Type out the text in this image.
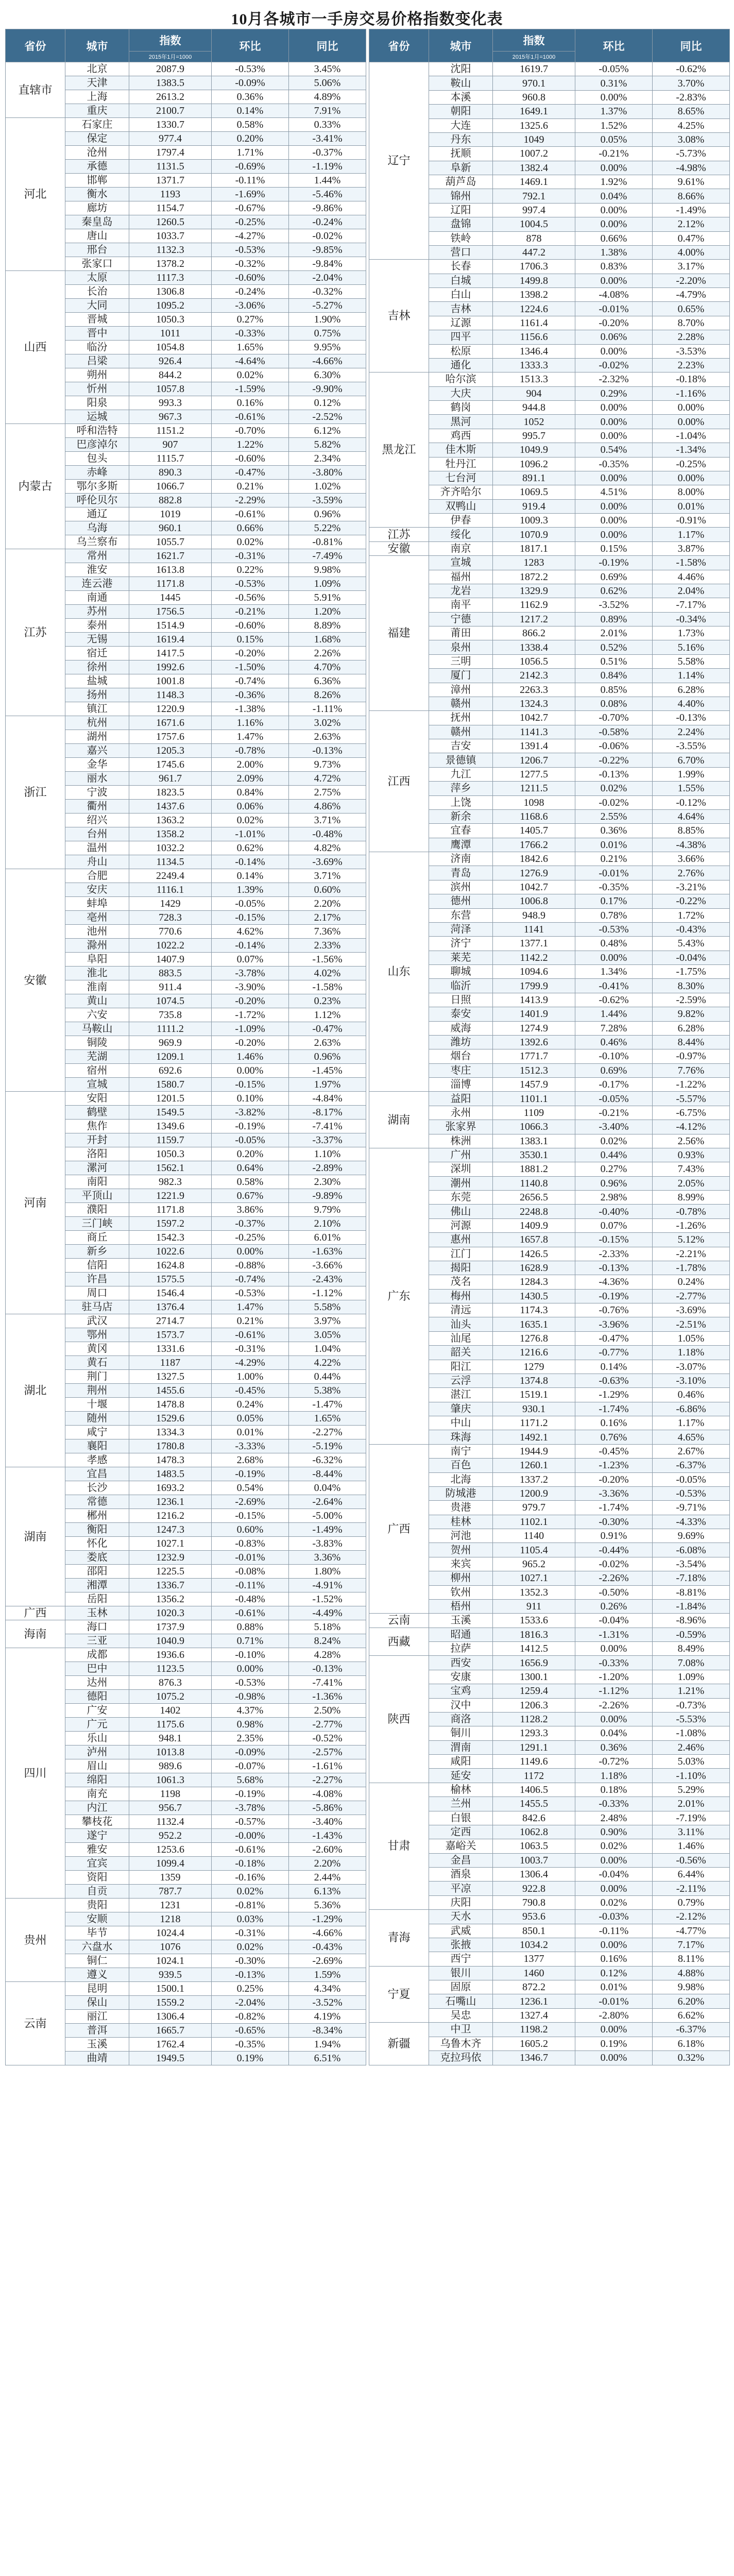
10月各城市一手房交易价格指数变化表
省份	城市	指数	环比	同比
		2015年1月=1000		
直辖市	北京	2087.9	-0.53%	3.45%
	天津	1383.5	-0.09%	5.06%
	上海	2613.2	0.36%	4.89%
	重庆	2100.7	0.14%	7.91%
河北	石家庄	1330.7	0.58%	0.33%
	保定	977.4	0.20%	-3.41%
	沧州	1797.4	1.71%	-0.37%
	承德	1131.5	-0.69%	-1.19%
	邯郸	1371.7	-0.11%	1.44%
	衡水	1193	-1.69%	-5.46%
	廊坊	1154.7	-0.67%	-9.86%
	秦皇岛	1260.5	-0.25%	-0.24%
	唐山	1033.7	-4.27%	-0.02%
	邢台	1132.3	-0.53%	-9.85%
	张家口	1378.2	-0.32%	-9.84%
山西	太原	1117.3	-0.60%	-2.04%
	长治	1306.8	-0.24%	-0.32%
	大同	1095.2	-3.06%	-5.27%
	晋城	1050.3	0.27%	1.90%
	晋中	1011	-0.33%	0.75%
	临汾	1054.8	1.65%	9.95%
	吕梁	926.4	-4.64%	-4.66%
	朔州	844.2	0.02%	6.30%
	忻州	1057.8	-1.59%	-9.90%
	阳泉	993.3	0.16%	0.12%
	运城	967.3	-0.61%	-2.52%
内蒙古	呼和浩特	1151.2	-0.70%	6.12%
	巴彦淖尔	907	1.22%	5.82%
	包头	1115.7	-0.60%	2.34%
	赤峰	890.3	-0.47%	-3.80%
	鄂尔多斯	1066.7	0.21%	1.02%
	呼伦贝尔	882.8	-2.29%	-3.59%
	通辽	1019	-0.61%	0.96%
	乌海	960.1	0.66%	5.22%
	乌兰察布	1055.7	0.02%	-0.81%
江苏	常州	1621.7	-0.31%	-7.49%
	淮安	1613.8	0.22%	9.98%
	连云港	1171.8	-0.53%	1.09%
	南通	1445	-0.56%	5.91%
	苏州	1756.5	-0.21%	1.20%
	泰州	1514.9	-0.60%	8.89%
	无锡	1619.4	0.15%	1.68%
	宿迁	1417.5	-0.20%	2.26%
	徐州	1992.6	-1.50%	4.70%
	盐城	1001.8	-0.74%	6.36%
	扬州	1148.3	-0.36%	8.26%
	镇江	1220.9	-1.38%	-1.11%
浙江	杭州	1671.6	1.16%	3.02%
	湖州	1757.6	1.47%	2.63%
	嘉兴	1205.3	-0.78%	-0.13%
	金华	1745.6	2.00%	9.73%
	丽水	961.7	2.09%	4.72%
	宁波	1823.5	0.84%	2.75%
	衢州	1437.6	0.06%	4.86%
	绍兴	1363.2	0.02%	3.71%
	台州	1358.2	-1.01%	-0.48%
	温州	1032.2	0.62%	4.82%
	舟山	1134.5	-0.14%	-3.69%
安徽	合肥	2249.4	0.14%	3.71%
	安庆	1116.1	1.39%	0.60%
	蚌埠	1429	-0.05%	2.20%
	亳州	728.3	-0.15%	2.17%
	池州	770.6	4.62%	7.36%
	滁州	1022.2	-0.14%	2.33%
	阜阳	1407.9	0.07%	-1.56%
	淮北	883.5	-3.78%	4.02%
	淮南	911.4	-3.90%	-1.58%
	黄山	1074.5	-0.20%	0.23%
	六安	735.8	-1.72%	1.12%
	马鞍山	1111.2	-1.09%	-0.47%
	铜陵	969.9	-0.20%	2.63%
	芜湖	1209.1	1.46%	0.96%
	宿州	692.6	0.00%	-1.45%
	宣城	1580.7	-0.15%	1.97%
河南	安阳	1201.5	0.10%	-4.84%
	鹤壁	1549.5	-3.82%	-8.17%
	焦作	1349.6	-0.19%	-7.41%
	开封	1159.7	-0.05%	-3.37%
	洛阳	1050.3	0.20%	1.10%
	漯河	1562.1	0.64%	-2.89%
	南阳	982.3	0.58%	2.30%
	平顶山	1221.9	0.67%	-9.89%
	濮阳	1171.8	3.86%	9.79%
	三门峡	1597.2	-0.37%	2.10%
	商丘	1542.3	-0.25%	6.01%
	新乡	1022.6	0.00%	-1.63%
	信阳	1624.8	-0.88%	-3.66%
	许昌	1575.5	-0.74%	-2.43%
	周口	1546.4	-0.53%	-1.12%
	驻马店	1376.4	1.47%	5.58%
湖北	武汉	2714.7	0.21%	3.97%
	鄂州	1573.7	-0.61%	3.05%
	黄冈	1331.6	-0.31%	1.04%
	黄石	1187	-4.29%	4.22%
	荆门	1327.5	1.00%	0.44%
	荆州	1455.6	-0.45%	5.38%
	十堰	1478.8	0.24%	-1.47%
	随州	1529.6	0.05%	1.65%
	咸宁	1334.3	0.01%	-2.27%
	襄阳	1780.8	-3.33%	-5.19%
	孝感	1478.3	2.68%	-6.32%
湖南	宜昌	1483.5	-0.19%	-8.44%
	长沙	1693.2	0.54%	0.04%
	常德	1236.1	-2.69%	-2.64%
	郴州	1216.2	-0.15%	-5.00%
	衡阳	1247.3	0.60%	-1.49%
	怀化	1027.1	-0.83%	-3.83%
	娄底	1232.9	-0.01%	3.36%
	邵阳	1225.5	-0.08%	1.80%
	湘潭	1336.7	-0.11%	-4.91%
	岳阳	1356.2	-0.48%	-1.52%
广西	玉林	1020.3	-0.61%	-4.49%
海南	海口	1737.9	0.88%	5.18%
	三亚	1040.9	0.71%	8.24%
四川	成都	1936.6	-0.10%	4.28%
	巴中	1123.5	0.00%	-0.13%
	达州	876.3	-0.53%	-7.41%
	德阳	1075.2	-0.98%	-1.36%
	广安	1402	4.37%	2.50%
	广元	1175.6	0.98%	-2.77%
	乐山	948.1	2.35%	-0.52%
	泸州	1013.8	-0.09%	-2.57%
	眉山	989.6	-0.07%	-1.61%
	绵阳	1061.3	5.68%	-2.27%
	南充	1198	-0.19%	-4.08%
	内江	956.7	-3.78%	-5.86%
	攀枝花	1132.4	-0.57%	-3.40%
	遂宁	952.2	-0.00%	-1.43%
	雅安	1253.6	-0.61%	-2.60%
	宜宾	1099.4	-0.18%	2.20%
	资阳	1359	-0.16%	2.44%
	自贡	787.7	0.02%	6.13%
贵州	贵阳	1231	-0.81%	5.36%
	安顺	1218	0.03%	-1.29%
	毕节	1024.4	-0.31%	-4.66%
	六盘水	1076	0.02%	-0.43%
	铜仁	1024.1	-0.30%	-2.69%
	遵义	939.5	-0.13%	1.59%
云南	昆明	1500.1	0.25%	4.34%
	保山	1559.2	-2.04%	-3.52%
	丽江	1306.4	-0.82%	4.19%
	普洱	1665.7	-0.65%	-8.34%
	玉溪	1762.4	-0.35%	1.94%
	曲靖	1949.5	0.19%	6.51%
省份	城市	指数	环比	同比
		2015年1月=1000		
辽宁	沈阳	1619.7	-0.05%	-0.62%
	鞍山	970.1	0.31%	3.70%
	本溪	960.8	0.00%	-2.83%
	朝阳	1649.1	1.37%	8.65%
	大连	1325.6	1.52%	4.25%
	丹东	1049	0.05%	3.08%
	抚顺	1007.2	-0.21%	-5.73%
	阜新	1382.4	0.00%	-4.98%
	葫芦岛	1469.1	1.92%	9.61%
	锦州	792.1	0.04%	8.66%
	辽阳	997.4	0.00%	-1.49%
	盘锦	1004.5	0.00%	2.12%
	铁岭	878	0.66%	0.47%
	营口	447.2	1.38%	4.00%
吉林	长春	1706.3	0.83%	3.17%
	白城	1499.8	0.00%	-2.20%
	白山	1398.2	-4.08%	-4.79%
	吉林	1224.6	-0.01%	0.65%
	辽源	1161.4	-0.20%	8.70%
	四平	1156.6	0.06%	2.28%
	松原	1346.4	0.00%	-3.53%
	通化	1333.3	-0.02%	2.23%
黑龙江	哈尔滨	1513.3	-2.32%	-0.18%
	大庆	904	0.29%	-1.16%
	鹤岗	944.8	0.00%	0.00%
	黑河	1052	0.00%	0.00%
	鸡西	995.7	0.00%	-1.04%
	佳木斯	1049.9	0.54%	-1.34%
	牡丹江	1096.2	-0.35%	-0.25%
	七台河	891.1	0.00%	0.00%
	齐齐哈尔	1069.5	4.51%	8.00%
	双鸭山	919.4	0.00%	0.01%
	伊春	1009.3	0.00%	-0.91%
江苏	绥化	1070.9	0.00%	1.17%
安徽	南京	1817.1	0.15%	3.87%
福建	宣城	1283	-0.19%	-1.58%
	福州	1872.2	0.69%	4.46%
	龙岩	1329.9	0.62%	2.04%
	南平	1162.9	-3.52%	-7.17%
	宁德	1217.2	0.89%	-0.34%
	莆田	866.2	2.01%	1.73%
	泉州	1338.4	0.52%	5.16%
	三明	1056.5	0.51%	5.58%
	厦门	2142.3	0.84%	1.14%
	漳州	2263.3	0.85%	6.28%
	赣州	1324.3	0.08%	4.40%
江西	抚州	1042.7	-0.70%	-0.13%
	赣州	1141.3	-0.58%	2.24%
	吉安	1391.4	-0.06%	-3.55%
	景德镇	1206.7	-0.22%	6.70%
	九江	1277.5	-0.13%	1.99%
	萍乡	1211.5	0.02%	1.55%
	上饶	1098	-0.02%	-0.12%
	新余	1168.6	2.55%	4.64%
	宜春	1405.7	0.36%	8.85%
	鹰潭	1766.2	0.01%	-4.38%
山东	济南	1842.6	0.21%	3.66%
	青岛	1276.9	-0.01%	2.76%
	滨州	1042.7	-0.35%	-3.21%
	德州	1006.8	0.17%	-0.22%
	东营	948.9	0.78%	1.72%
	菏泽	1141	-0.53%	-0.43%
	济宁	1377.1	0.48%	5.43%
	莱芜	1142.2	0.00%	-0.04%
	聊城	1094.6	1.34%	-1.75%
	临沂	1799.9	-0.41%	8.30%
	日照	1413.9	-0.62%	-2.59%
	泰安	1401.9	1.44%	9.82%
	威海	1274.9	7.28%	6.28%
	潍坊	1392.6	0.46%	8.44%
	烟台	1771.7	-0.10%	-0.97%
	枣庄	1512.3	0.69%	7.76%
	淄博	1457.9	-0.17%	-1.22%
湖南	益阳	1101.1	-0.05%	-5.57%
	永州	1109	-0.21%	-6.75%
	张家界	1066.3	-3.40%	-4.12%
	株洲	1383.1	0.02%	2.56%
广东	广州	3530.1	0.44%	0.93%
	深圳	1881.2	0.27%	7.43%
	潮州	1140.8	0.96%	2.05%
	东莞	2656.5	2.98%	8.99%
	佛山	2248.8	-0.40%	-0.78%
	河源	1409.9	0.07%	-1.26%
	惠州	1657.8	-0.15%	5.12%
	江门	1426.5	-2.33%	-2.21%
	揭阳	1628.9	-0.13%	-1.78%
	茂名	1284.3	-4.36%	0.24%
	梅州	1430.5	-0.19%	-2.77%
	清远	1174.3	-0.76%	-3.69%
	汕头	1635.1	-3.96%	-2.51%
	汕尾	1276.8	-0.47%	1.05%
	韶关	1216.6	-0.77%	1.18%
	阳江	1279	0.14%	-3.07%
	云浮	1374.8	-0.63%	-3.10%
	湛江	1519.1	-1.29%	0.46%
	肇庆	930.1	-1.74%	-6.86%
	中山	1171.2	0.16%	1.17%
	珠海	1492.1	0.76%	4.65%
广西	南宁	1944.9	-0.45%	2.67%
	百色	1260.1	-1.23%	-6.37%
	北海	1337.2	-0.20%	-0.05%
	防城港	1200.9	-3.36%	-0.53%
	贵港	979.7	-1.74%	-9.71%
	桂林	1102.1	-0.30%	-4.33%
	河池	1140	0.91%	9.69%
	贺州	1105.4	-0.44%	-6.08%
	来宾	965.2	-0.02%	-3.54%
	柳州	1027.1	-2.26%	-7.18%
	钦州	1352.3	-0.50%	-8.81%
	梧州	911	0.26%	-1.84%
云南	玉溪	1533.6	-0.04%	-8.96%
西藏	昭通	1816.3	-1.31%	-0.59%
	拉萨	1412.5	0.00%	8.49%
陕西	西安	1656.9	-0.33%	7.08%
	安康	1300.1	-1.20%	1.09%
	宝鸡	1259.4	-1.12%	1.21%
	汉中	1206.3	-2.26%	-0.73%
	商洛	1128.2	0.00%	-5.53%
	铜川	1293.3	0.04%	-1.08%
	渭南	1291.1	0.36%	2.46%
	咸阳	1149.6	-0.72%	5.03%
	延安	1172	1.18%	-1.10%
甘肃	榆林	1406.5	0.18%	5.29%
	兰州	1455.5	-0.33%	2.01%
	白银	842.6	2.48%	-7.19%
	定西	1062.8	0.90%	3.11%
	嘉峪关	1063.5	0.02%	1.46%
	金昌	1003.7	0.00%	-0.56%
	酒泉	1306.4	-0.04%	6.44%
	平凉	922.8	0.00%	-2.11%
	庆阳	790.8	0.02%	0.79%
青海	天水	953.6	-0.03%	-2.12%
	武威	850.1	-0.11%	-4.77%
	张掖	1034.2	0.00%	7.17%
	西宁	1377	0.16%	8.11%
宁夏	银川	1460	0.12%	4.88%
	固原	872.2	0.01%	9.98%
	石嘴山	1236.1	-0.01%	6.20%
	吴忠	1327.4	-2.80%	6.62%
新疆	中卫	1198.2	0.00%	-6.37%
	乌鲁木齐	1605.2	0.19%	6.18%
	克拉玛依	1346.7	0.00%	0.32%
